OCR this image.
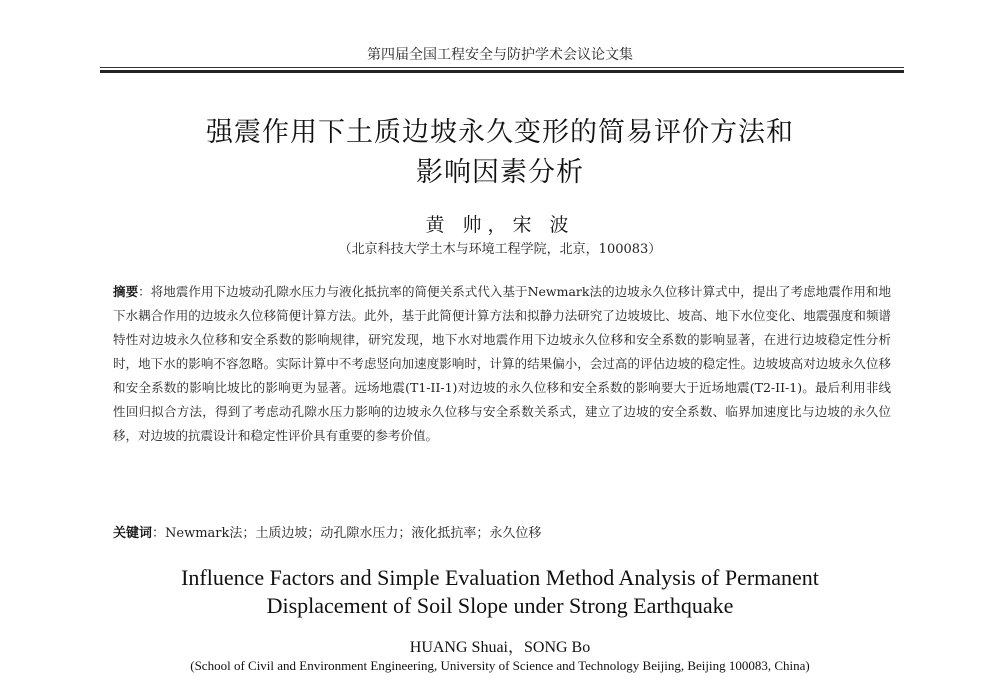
第四届全国工程安全与防护学术会议论文集
强震作用下土质边坡永久变形的简易评价方法和
影响因素分析
黄 帅，宋 波
（北京科技大学土木与环境工程学院，北京，100083）
摘要：将地震作用下边坡动孔隙水压力与液化抵抗率的简便关系式代入基于Newmark法的边坡永久位移计算式中，提出了考虑地震作用和地下水耦合作用的边坡永久位移简便计算方法。此外，基于此简便计算方法和拟静力法研究了边坡坡比、坡高、地下水位变化、地震强度和频谱特性对边坡永久位移和安全系数的影响规律，研究发现，地下水对地震作用下边坡永久位移和安全系数的影响显著，在进行边坡稳定性分析时，地下水的影响不容忽略。实际计算中不考虑竖向加速度影响时，计算的结果偏小，会过高的评估边坡的稳定性。边坡坡高对边坡永久位移和安全系数的影响比坡比的影响更为显著。远场地震(T1-II-1)对边坡的永久位移和安全系数的影响要大于近场地震(T2-II-1)。最后利用非线性回归拟合方法，得到了考虑动孔隙水压力影响的边坡永久位移与安全系数关系式，建立了边坡的安全系数、临界加速度比与边坡的永久位移，对边坡的抗震设计和稳定性评价具有重要的参考价值。
关键词：Newmark法；土质边坡；动孔隙水压力；液化抵抗率；永久位移
Influence Factors and Simple Evaluation Method Analysis of Permanent
Displacement of Soil Slope under Strong Earthquake
HUANG Shuai，SONG Bo
(School of Civil and Environment Engineering, University of Science and Technology Beijing, Beijing 100083, China)
